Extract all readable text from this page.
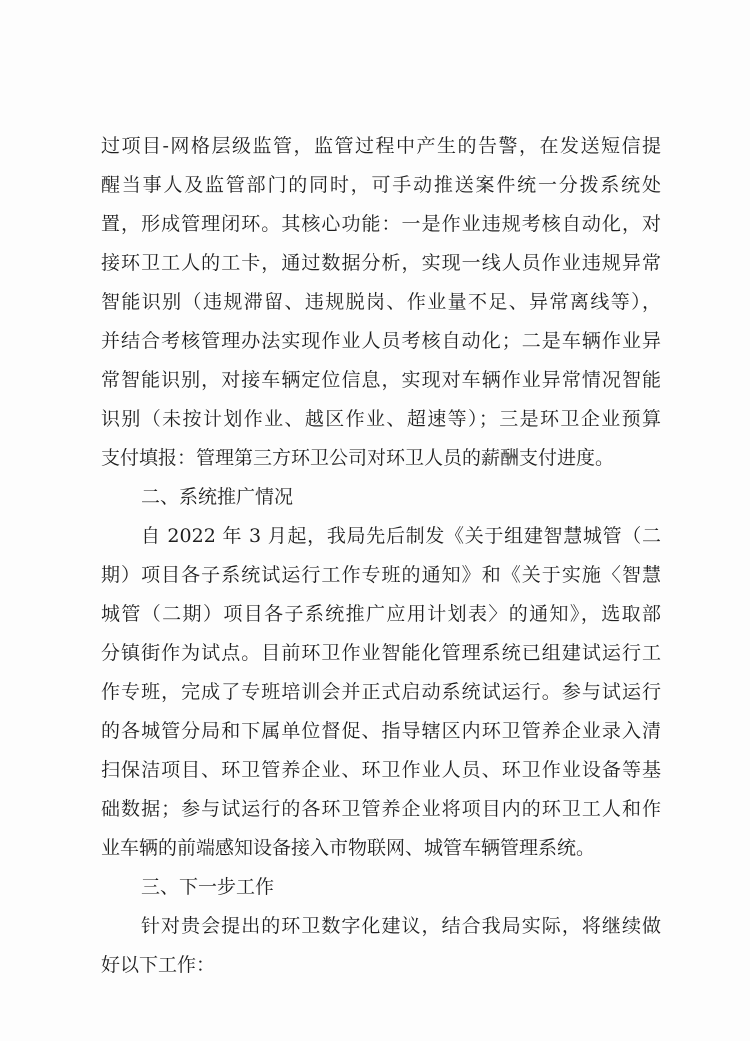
过项目-网格层级监管，监管过程中产生的告警，在发送短信提
醒当事人及监管部门的同时，可手动推送案件统一分拨系统处
置，形成管理闭环。其核心功能：一是作业违规考核自动化，对
接环卫工人的工卡，通过数据分析，实现一线人员作业违规异常
智能识别（违规滞留、违规脱岗、作业量不足、异常离线等），
并结合考核管理办法实现作业人员考核自动化；二是车辆作业异
常智能识别，对接车辆定位信息，实现对车辆作业异常情况智能
识别（未按计划作业、越区作业、超速等）；三是环卫企业预算
支付填报：管理第三方环卫公司对环卫人员的薪酬支付进度。
二、系统推广情况
自 2022 年 3 月起，我局先后制发《关于组建智慧城管（二
期）项目各子系统试运行工作专班的通知》和《关于实施〈智慧
城管（二期）项目各子系统推广应用计划表〉的通知》，选取部
分镇街作为试点。目前环卫作业智能化管理系统已组建试运行工
作专班，完成了专班培训会并正式启动系统试运行。参与试运行
的各城管分局和下属单位督促、指导辖区内环卫管养企业录入清
扫保洁项目、环卫管养企业、环卫作业人员、环卫作业设备等基
础数据；参与试运行的各环卫管养企业将项目内的环卫工人和作
业车辆的前端感知设备接入市物联网、城管车辆管理系统。
三、下一步工作
针对贵会提出的环卫数字化建议，结合我局实际，将继续做
好以下工作：
